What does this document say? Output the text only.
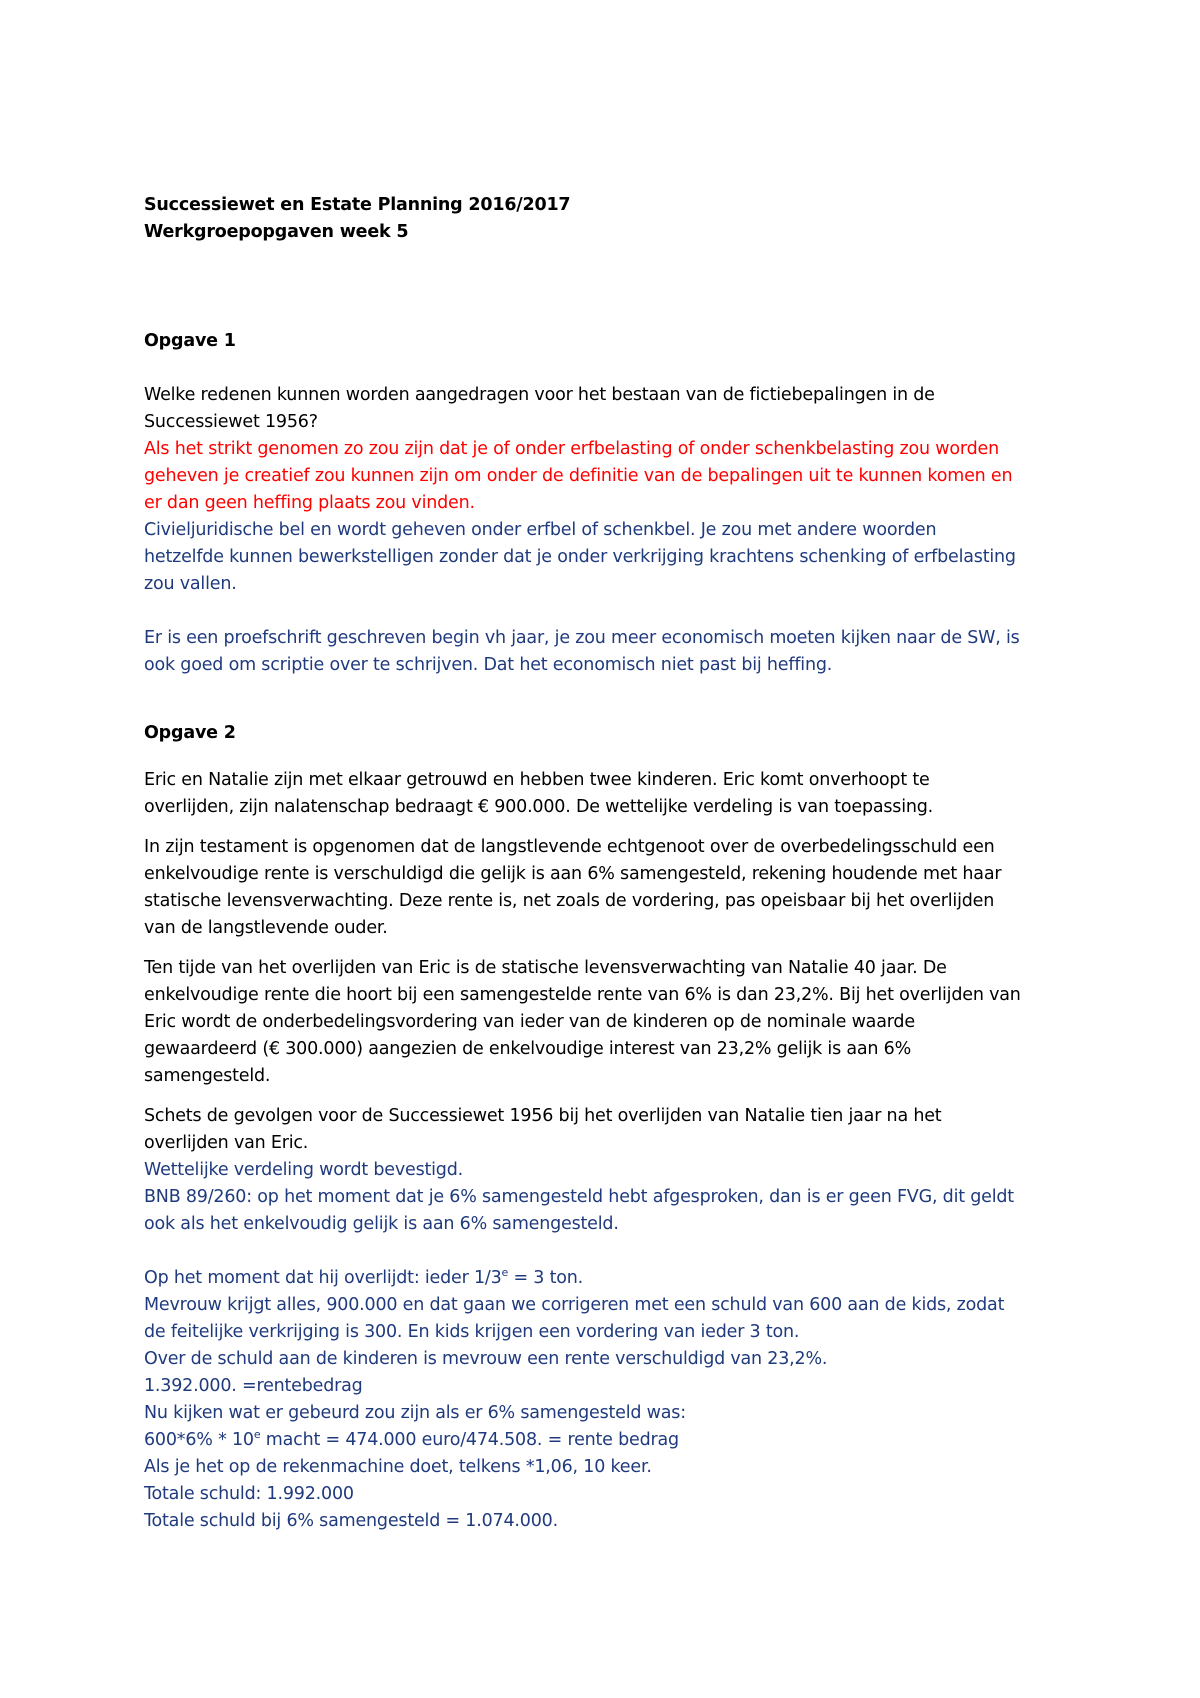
Successiewet en Estate Planning 2016/2017

Werkgroepopgaven week 5

Opgave 1

Welke redenen kunnen worden aangedragen voor het bestaan van de fictiebepalingen in de

Successiewet 1956?

Als het strikt genomen zo zou zijn dat je of onder erfbelasting of onder schenkbelasting zou worden

geheven je creatief zou kunnen zijn om onder de definitie van de bepalingen uit te kunnen komen en

er dan geen heffing plaats zou vinden.

Civieljuridische bel en wordt geheven onder erfbel of schenkbel. Je zou met andere woorden

hetzelfde kunnen bewerkstelligen zonder dat je onder verkrijging krachtens schenking of erfbelasting

zou vallen.

Er is een proefschrift geschreven begin vh jaar, je zou meer economisch moeten kijken naar de SW, is

ook goed om scriptie over te schrijven. Dat het economisch niet past bij heffing.

Opgave 2

Eric en Natalie zijn met elkaar getrouwd en hebben twee kinderen. Eric komt onverhoopt te

overlijden, zijn nalatenschap bedraagt € 900.000. De wettelijke verdeling is van toepassing.

In zijn testament is opgenomen dat de langstlevende echtgenoot over de overbedelingsschuld een

enkelvoudige rente is verschuldigd die gelijk is aan 6% samengesteld, rekening houdende met haar

statische levensverwachting. Deze rente is, net zoals de vordering, pas opeisbaar bij het overlijden

van de langstlevende ouder.

Ten tijde van het overlijden van Eric is de statische levensverwachting van Natalie 40 jaar. De

enkelvoudige rente die hoort bij een samengestelde rente van 6% is dan 23,2%. Bij het overlijden van

Eric wordt de onderbedelingsvordering van ieder van de kinderen op de nominale waarde

gewaardeerd (€ 300.000) aangezien de enkelvoudige interest van 23,2% gelijk is aan 6%

samengesteld.

Schets de gevolgen voor de Successiewet 1956 bij het overlijden van Natalie tien jaar na het

overlijden van Eric.

Wettelijke verdeling wordt bevestigd.

BNB 89/260: op het moment dat je 6% samengesteld hebt afgesproken, dan is er geen FVG, dit geldt

ook als het enkelvoudig gelijk is aan 6% samengesteld.

Op het moment dat hij overlijdt: ieder $1/3^e = 3$ ton.

Mevrouw krijgt alles, 900.000 en dat gaan we corrigeren met een schuld van 600 aan de kids, zodat

de feitelijke verkrijging is 300. En kids krijgen een vordering van ieder 3 ton.

Over de schuld aan de kinderen is mevrouw een rente verschuldigd van 23,2%.

1.392.000. =rentebedrag

Nu kijken wat er gebeurd zou zijn als er 6% samengesteld was:

600*6% * 10e macht = 474.000 euro/474.508. = rente bedrag

Als je het op de rekenmachine doet, telkens *1,06, 10 keer.

Totale schuld: 1.992.000

Totale schuld bij 6% samengesteld = 1.074.000.
